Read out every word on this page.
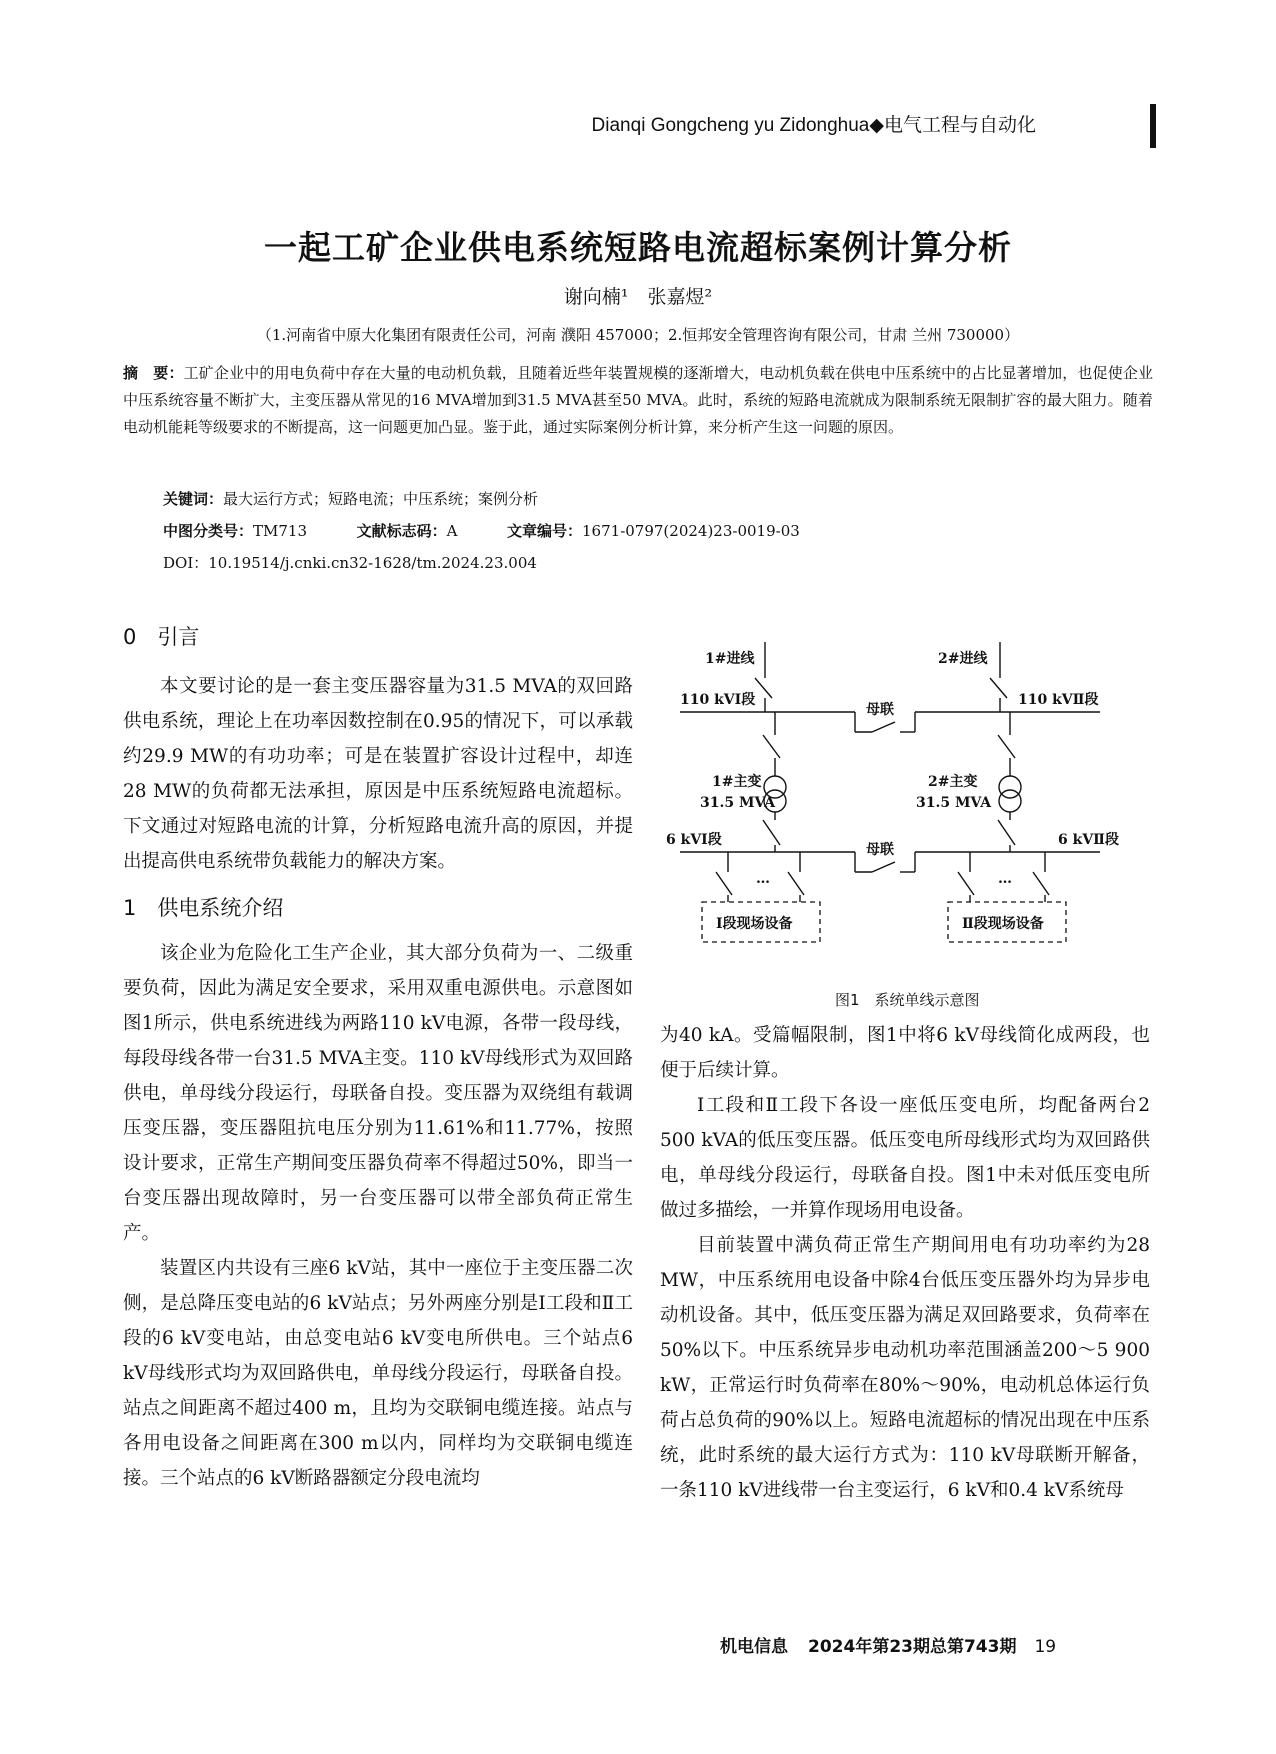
Dianqi Gongcheng yu Zidonghua◆电气工程与自动化
一起工矿企业供电系统短路电流超标案例计算分析
谢向楠¹　张嘉煜²
（1.河南省中原大化集团有限责任公司，河南 濮阳 457000；2.恒邦安全管理咨询有限公司，甘肃 兰州 730000）
摘　要：工矿企业中的用电负荷中存在大量的电动机负载，且随着近些年装置规模的逐渐增大，电动机负载在供电中压系统中的占比显著增加，也促使企业中压系统容量不断扩大，主变压器从常见的16 MVA增加到31.5 MVA甚至50 MVA。此时，系统的短路电流就成为限制系统无限制扩容的最大阻力。随着电动机能耗等级要求的不断提高，这一问题更加凸显。鉴于此，通过实际案例分析计算，来分析产生这一问题的原因。
关键词：最大运行方式；短路电流；中压系统；案例分析
中图分类号：TM713	文献标志码：A	文章编号：1671-0797(2024)23-0019-03
DOI：10.19514/j.cnki.cn32-1628/tm.2024.23.004
0　引言

本文要讨论的是一套主变压器容量为31.5 MVA的双回路供电系统，理论上在功率因数控制在0.95的情况下，可以承载约29.9 MW的有功功率；可是在装置扩容设计过程中，却连28 MW的负荷都无法承担，原因是中压系统短路电流超标。下文通过对短路电流的计算，分析短路电流升高的原因，并提出提高供电系统带负载能力的解决方案。

1　供电系统介绍

该企业为危险化工生产企业，其大部分负荷为一、二级重要负荷，因此为满足安全要求，采用双重电源供电。示意图如图1所示，供电系统进线为两路110 kV电源，各带一段母线，每段母线各带一台31.5 MVA主变。110 kV母线形式为双回路供电，单母线分段运行，母联备自投。变压器为双绕组有载调压变压器，变压器阻抗电压分别为11.61%和11.77%，按照设计要求，正常生产期间变压器负荷率不得超过50%，即当一台变压器出现故障时，另一台变压器可以带全部负荷正常生产。

装置区内共设有三座6 kV站，其中一座位于主变压器二次侧，是总降压变电站的6 kV站点；另外两座分别是Ⅰ工段和Ⅱ工段的6 kV变电站，由总变电站6 kV变电所供电。三个站点6 kV母线形式均为双回路供电，单母线分段运行，母联备自投。站点之间距离不超过400 m，且均为交联铜电缆连接。站点与各用电设备之间距离在300 m以内，同样均为交联铜电缆连接。三个站点的6 kV断路器额定分段电流均

1#进线	2#进线
110 kVⅠ段	110 kVⅡ段
母联
1#主变
31.5 MVA
2#主变
31.5 MVA
6 kVⅠ段	6 kVⅡ段
母联
…	…
Ⅰ段现场设备	Ⅱ段现场设备
图1　系统单线示意图

为40 kA。受篇幅限制，图1中将6 kV母线简化成两段，也便于后续计算。

Ⅰ工段和Ⅱ工段下各设一座低压变电所，均配备两台2 500 kVA的低压变压器。低压变电所母线形式均为双回路供电，单母线分段运行，母联备自投。图1中未对低压变电所做过多描绘，一并算作现场用电设备。

目前装置中满负荷正常生产期间用电有功功率约为28 MW，中压系统用电设备中除4台低压变压器外均为异步电动机设备。其中，低压变压器为满足双回路要求，负荷率在50%以下。中压系统异步电动机功率范围涵盖200～5 900 kW，正常运行时负荷率在80%～90%，电动机总体运行负荷占总负荷的90%以上。短路电流超标的情况出现在中压系统，此时系统的最大运行方式为：110 kV母联断开解备，一条110 kV进线带一台主变运行，6 kV和0.4 kV系统母

机电信息 2024年第23期总第743期 19
